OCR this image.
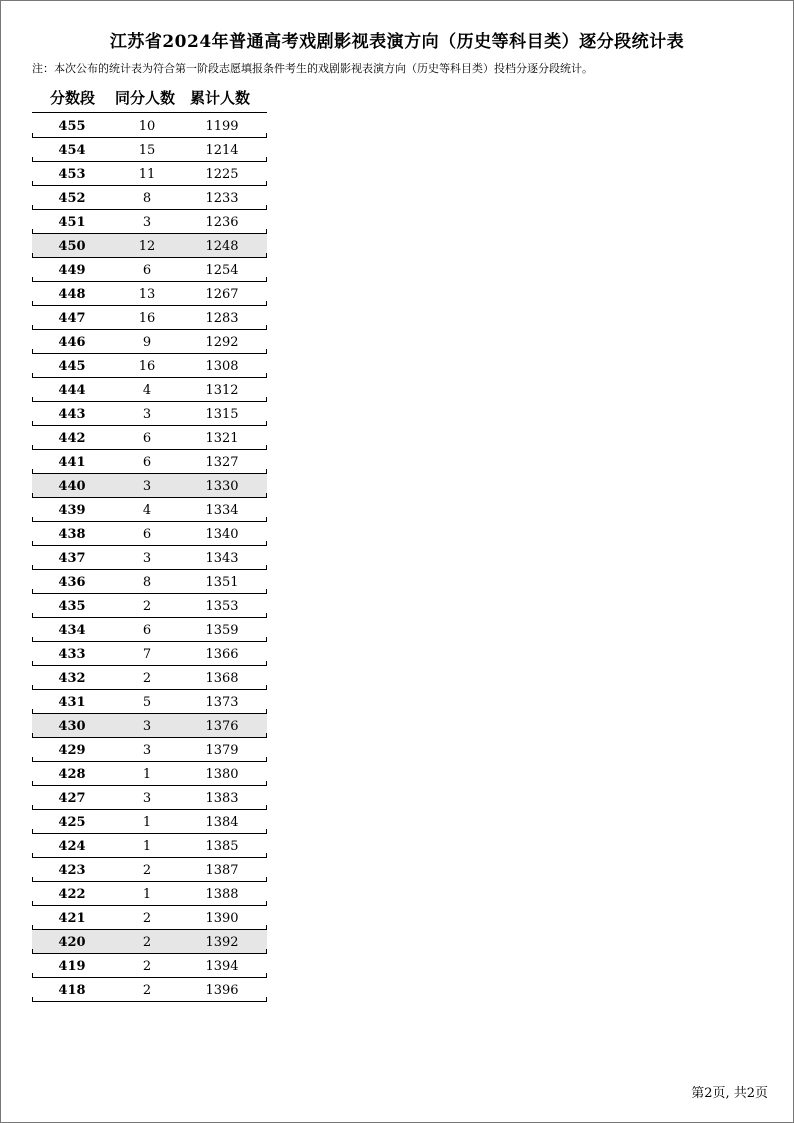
江苏省2024年普通高考戏剧影视表演方向（历史等科目类）逐分段统计表
注：本次公布的统计表为符合第一阶段志愿填报条件考生的戏剧影视表演方向（历史等科目类）投档分逐分段统计。
分数段 同分人数 累计人数
455	10	1199
454	15	1214
453	11	1225
452	8	1233
451	3	1236
450	12	1248
449	6	1254
448	13	1267
447	16	1283
446	9	1292
445	16	1308
444	4	1312
443	3	1315
442	6	1321
441	6	1327
440	3	1330
439	4	1334
438	6	1340
437	3	1343
436	8	1351
435	2	1353
434	6	1359
433	7	1366
432	2	1368
431	5	1373
430	3	1376
429	3	1379
428	1	1380
427	3	1383
425	1	1384
424	1	1385
423	2	1387
422	1	1388
421	2	1390
420	2	1392
419	2	1394
418	2	1396
第2页, 共2页
